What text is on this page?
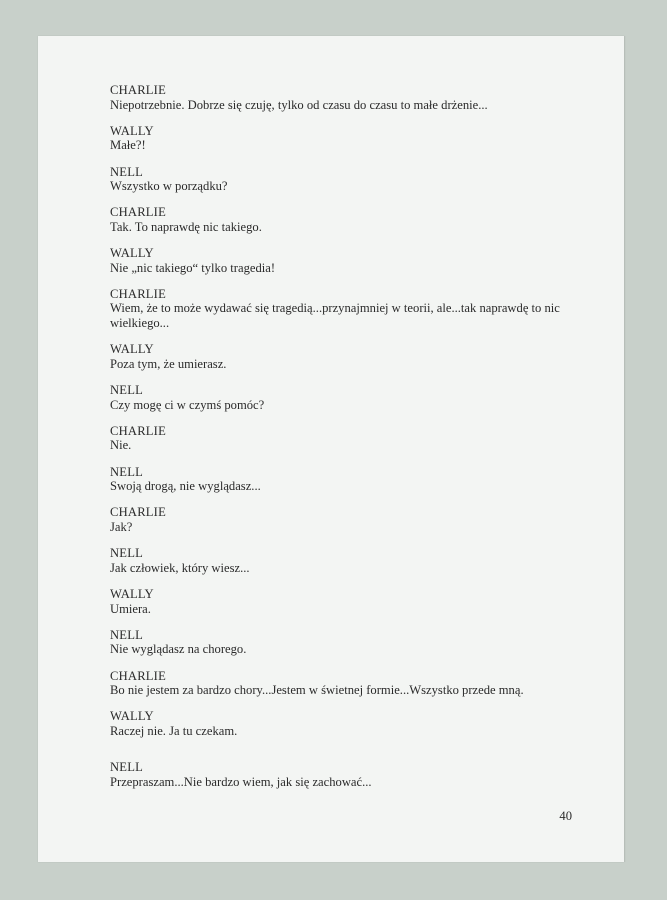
CHARLIE
Niepotrzebnie. Dobrze się czuję, tylko od czasu do czasu to małe drżenie...
WALLY
Małe?!
NELL
Wszystko w porządku?
CHARLIE
Tak. To naprawdę nic takiego.
WALLY
Nie „nic takiego“ tylko tragedia!
CHARLIE
Wiem, że to może wydawać się tragedią...przynajmniej w teorii, ale...tak naprawdę to nic wielkiego...
WALLY
Poza tym, że umierasz.
NELL
Czy mogę ci w czymś pomóc?
CHARLIE
Nie.
NELL
Swoją drogą, nie wyglądasz...
CHARLIE
Jak?
NELL
Jak człowiek, który wiesz...
WALLY
Umiera.
NELL
Nie wyglądasz na chorego.
CHARLIE
Bo nie jestem za bardzo chory...Jestem w świetnej formie...Wszystko przede mną.
WALLY
Raczej nie. Ja tu czekam.
NELL
Przepraszam...Nie bardzo wiem, jak się zachować...
40
